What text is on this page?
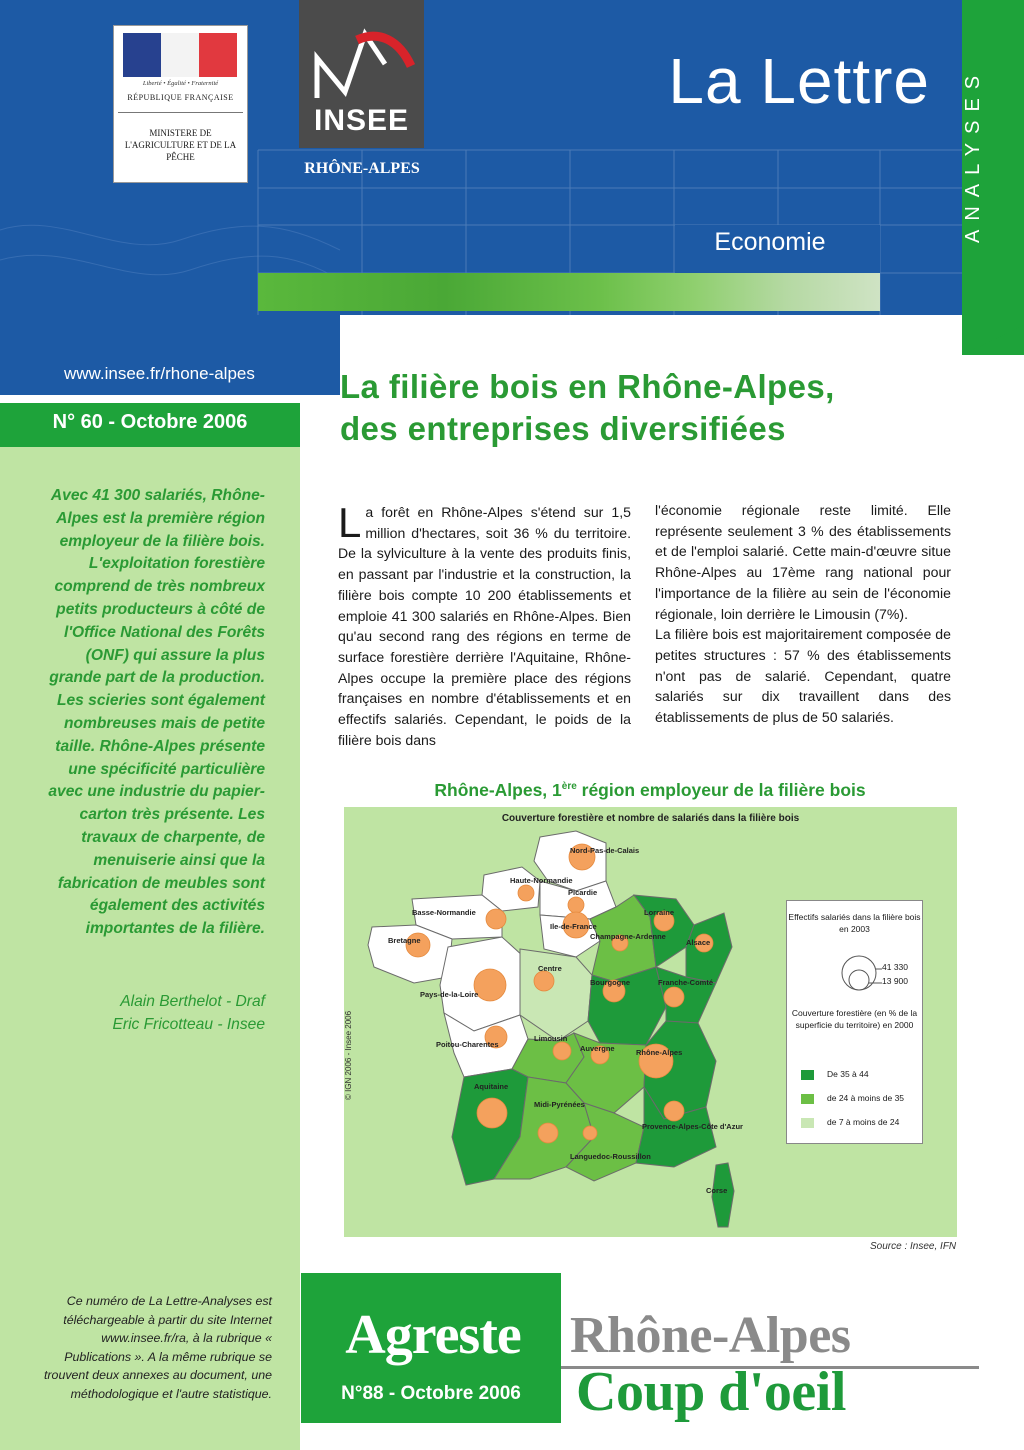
Liberté • Égalité • Fraternité
RÉPUBLIQUE FRANÇAISE
MINISTERE DE L'AGRICULTURE ET DE LA PÊCHE
INSEE
RHÔNE-ALPES
La Lettre
Economie	ANALYSES
www.insee.fr/rhone-alpes
N° 60 - Octobre 2006
Avec 41 300 salariés, Rhône-Alpes est la première région employeur de la filière bois. L'exploitation forestière comprend de très nombreux petits producteurs à côté de l'Office National des Forêts (ONF) qui assure la plus grande part de la production. Les scieries sont également nombreuses mais de petite taille. Rhône-Alpes présente une spécificité particulière avec une industrie du papier-carton très présente. Les travaux de charpente, de menuiserie ainsi que la fabrication de meubles sont également des activités importantes de la filière.
Alain Berthelot - Draf
Eric Fricotteau - Insee
Ce numéro de La Lettre-Analyses est téléchargeable à partir du site Internet www.insee.fr/ra, à la rubrique « Publications ». A la même rubrique se trouvent deux annexes au document, une méthodologique et l'autre statistique.
La filière bois en Rhône-Alpes,
des entreprises diversifiées
La forêt en Rhône-Alpes s'étend sur 1,5 million d'hectares, soit 36 % du territoire. De la sylviculture à la vente des produits finis, en passant par l'industrie et la construction, la filière bois compte 10 200 établissements et emploie 41 300 salariés en Rhône-Alpes. Bien qu'au second rang des régions en terme de surface forestière derrière l'Aquitaine, Rhône-Alpes occupe la première place des régions françaises en nombre d'établissements et en effectifs salariés. Cependant, le poids de la filière bois dans

l'économie régionale reste limité. Elle représente seulement 3 % des établissements et de l'emploi salarié. Cette main-d'œuvre situe Rhône-Alpes au 17ème rang national pour l'importance de la filière au sein de l'économie régionale, loin derrière le Limousin (7%).

La filière bois est majoritairement composée de petites structures : 57 % des établissements n'ont pas de salarié. Cependant, quatre salariés sur dix travaillent dans des établissements de plus de 50 salariés.

Rhône-Alpes, 1ère région employeur de la filière bois
Nord-Pas-de-Calais
Haute-Normandie
Picardie
Basse-Normandie
Ile-de-France
Lorraine
Bretagne	Champagne-Ardenne
Alsace
Centre
Pays-de-la-Loire
Bourgogne	Franche-Comté
Poitou-Charentes
Limousin
Auvergne	Rhône-Alpes
Aquitaine
Midi-Pyrénées
Languedoc-Roussillon
Provence-Alpes-Côte d'Azur
Corse
Couverture forestière et nombre de salariés dans la filière bois
Effectifs salariés dans la filière bois en 2003
41 330
13 900
Couverture forestière (en % de la superficie du territoire) en 2000
De 35 à 44
de 24 à moins de 35
de 7 à moins de 24
© IGN 2006 - Insee 2006
Source : Insee, IFN
Agreste
N°88 - Octobre 2006
Rhône-Alpes
Coup d'oeil
